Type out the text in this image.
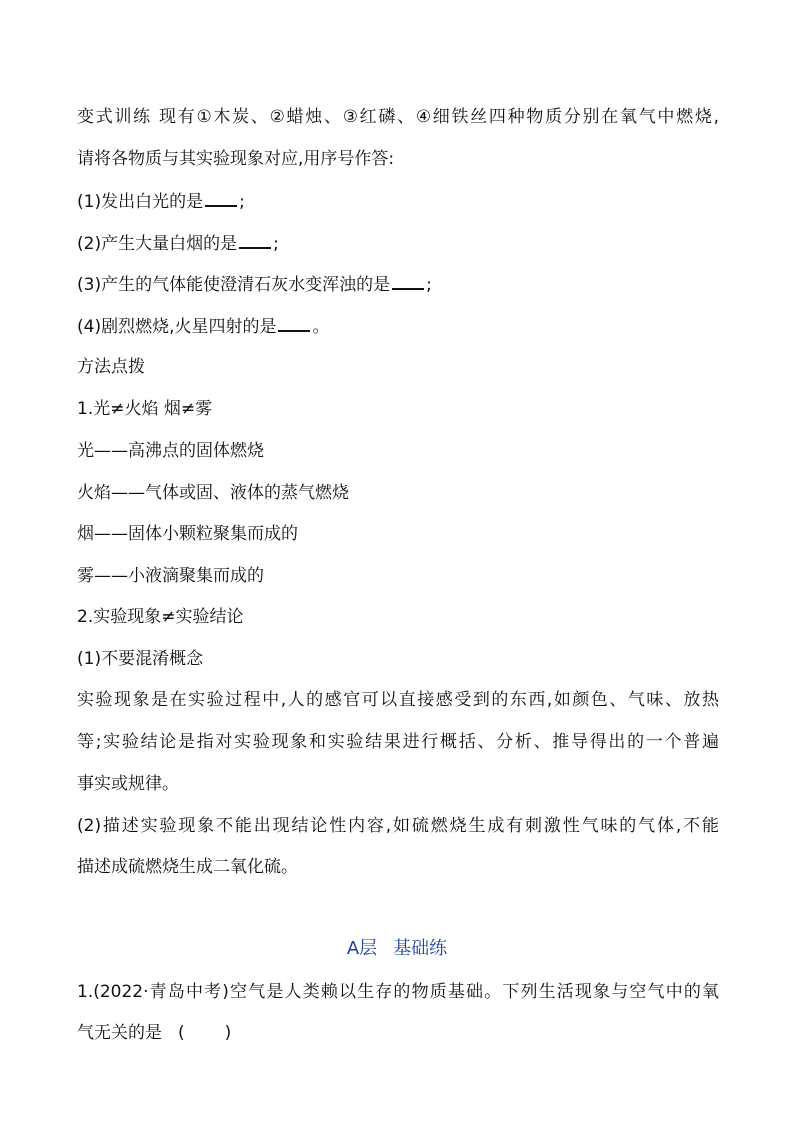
变式训练 现有①木炭、②蜡烛、③红磷、④细铁丝四种物质分别在氧气中燃烧,
请将各物质与其实验现象对应,用序号作答:
(1)发出白光的是 ;
(2)产生大量白烟的是 ;
(3)产生的气体能使澄清石灰水变浑浊的是 ;
(4)剧烈燃烧,火星四射的是 。
方法点拨
1.光≠火焰 烟≠雾
光——高沸点的固体燃烧
火焰——气体或固、液体的蒸气燃烧
烟——固体小颗粒聚集而成的
雾——小液滴聚集而成的
2.实验现象≠实验结论
(1)不要混淆概念
实验现象是在实验过程中,人的感官可以直接感受到的东西,如颜色、气味、放热
等;实验结论是指对实验现象和实验结果进行概括、分析、推导得出的一个普遍
事实或规律。
(2)描述实验现象不能出现结论性内容,如硫燃烧生成有刺激性气味的气体,不能
描述成硫燃烧生成二氧化硫。
A层 基础练
1.(2022·青岛中考)空气是人类赖以生存的物质基础。下列生活现象与空气中的氧
气无关的是 ( )
